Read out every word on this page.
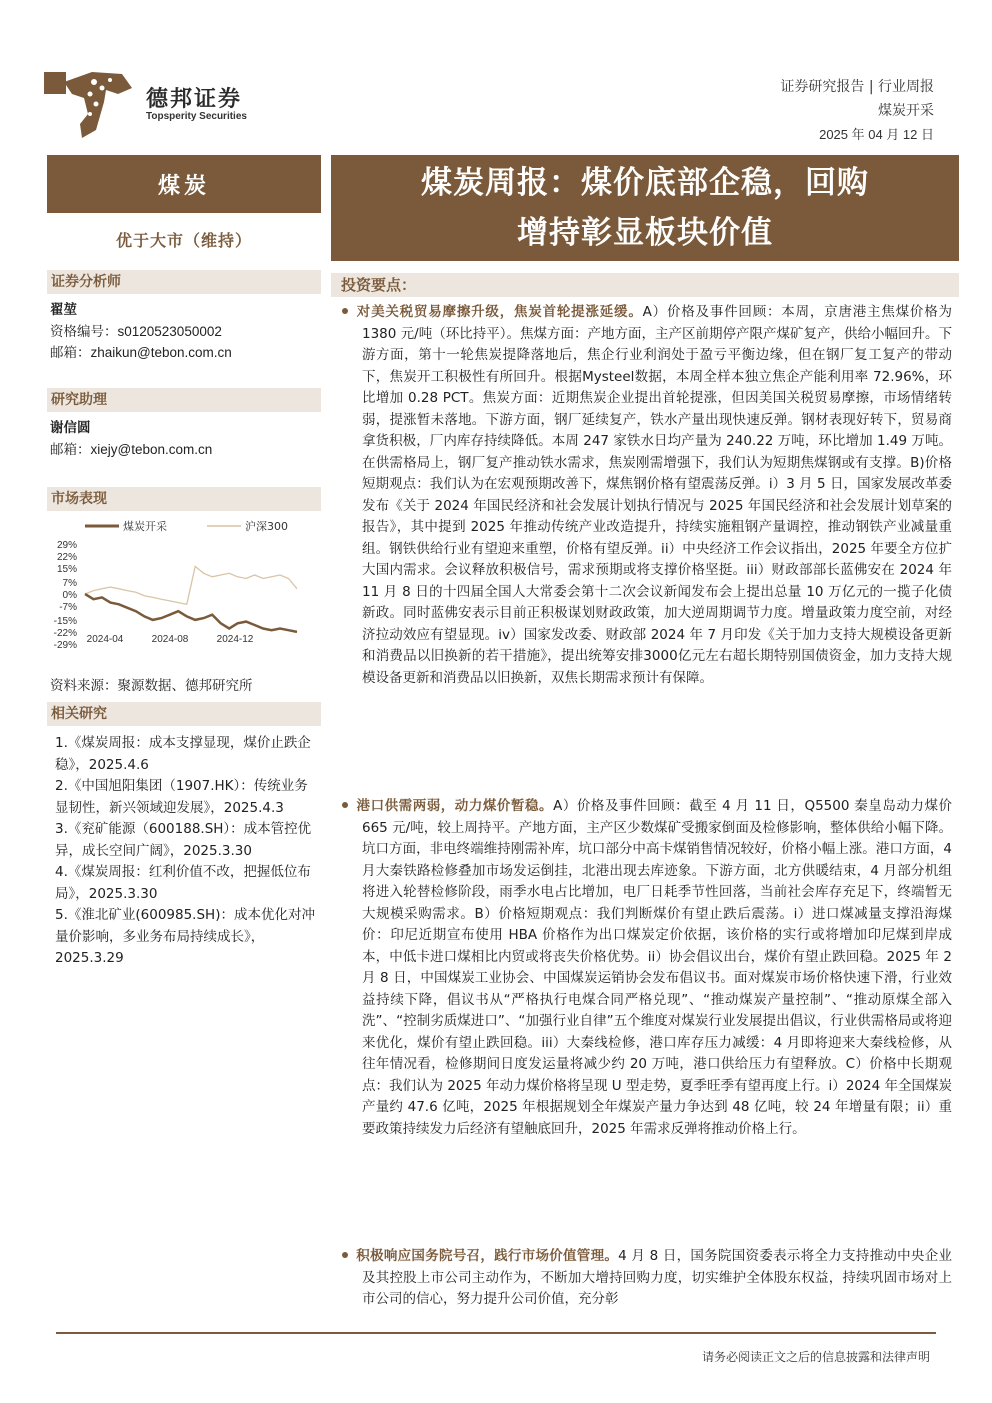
德邦证券
Topsperity Securities
证券研究报告 | 行业周报
煤炭开采
2025 年 04 月 12 日
煤炭	煤炭周报：煤价底部企稳，回购
增持彰显板块价值
优于大市（维持）
证券分析师
翟堃
资格编号：s0120523050002
邮箱：zhaikun@tebon.com.cn
研究助理
谢信圆
邮箱：xiejy@tebon.com.cn
市场表现
煤炭开采	沪深300
29%
22%
15%
7%
0%
-7%
-15%
-22%
-29%
2024-04	2024-08	2024-12
资料来源：聚源数据、德邦研究所
相关研究
1.《煤炭周报：成本支撑显现，煤价止跌企稳》，2025.4.6
2.《中国旭阳集团（1907.HK）：传统业务显韧性，新兴领域迎发展》，2025.4.3
3.《兖矿能源（600188.SH）：成本管控优异，成长空间广阔》，2025.3.30
4.《煤炭周报：红利价值不改，把握低位布局》，2025.3.30
5.《淮北矿业(600985.SH)：成本优化对冲量价影响，多业务布局持续成长》，2025.3.29
投资要点：
对美关税贸易摩擦升级，焦炭首轮提涨延缓。A）价格及事件回顾：本周，京唐港主焦煤价格为 1380 元/吨（环比持平）。焦煤方面：产地方面，主产区前期停产限产煤矿复产，供给小幅回升。下游方面，第十一轮焦炭提降落地后，焦企行业利润处于盈亏平衡边缘，但在钢厂复工复产的带动下，焦炭开工积极性有所回升。根据Mysteel数据，本周全样本独立焦企产能利用率 72.96%，环比增加 0.28 PCT。焦炭方面：近期焦炭企业提出首轮提涨，但因美国关税贸易摩擦，市场情绪转弱，提涨暂未落地。下游方面，钢厂延续复产，铁水产量出现快速反弹。钢材表现好转下，贸易商拿货积极，厂内库存持续降低。本周 247 家铁水日均产量为 240.22 万吨，环比增加 1.49 万吨。在供需格局上，钢厂复产推动铁水需求，焦炭刚需增强下，我们认为短期焦煤钢或有支撑。B)价格短期观点：我们认为在宏观预期改善下，煤焦钢价格有望震荡反弹。i）3 月 5 日，国家发展改革委发布《关于 2024 年国民经济和社会发展计划执行情况与 2025 年国民经济和社会发展计划草案的报告》，其中提到 2025 年推动传统产业改造提升，持续实施粗钢产量调控，推动钢铁产业减量重组。钢铁供给行业有望迎来重塑，价格有望反弹。ii）中央经济工作会议指出，2025 年要全方位扩大国内需求。会议释放积极信号，需求预期或将支撑价格坚挺。iii）财政部部长蓝佛安在 2024 年 11 月 8 日的十四届全国人大常委会第十二次会议新闻发布会上提出总量 10 万亿元的一揽子化债新政。同时蓝佛安表示目前正积极谋划财政政策，加大逆周期调节力度。增量政策力度空前，对经济拉动效应有望显现。iv）国家发改委、财政部 2024 年 7 月印发《关于加力支持大规模设备更新和消费品以旧换新的若干措施》，提出统筹安排3000亿元左右超长期特别国债资金，加力支持大规模设备更新和消费品以旧换新，双焦长期需求预计有保障。
港口供需两弱，动力煤价暂稳。A）价格及事件回顾：截至 4 月 11 日，Q5500 秦皇岛动力煤价 665 元/吨，较上周持平。产地方面，主产区少数煤矿受搬家倒面及检修影响，整体供给小幅下降。坑口方面，非电终端维持刚需补库，坑口部分中高卡煤销售情况较好，价格小幅上涨。港口方面，4 月大秦铁路检修叠加市场发运倒挂，北港出现去库迹象。下游方面，北方供暖结束，4 月部分机组将进入轮替检修阶段，雨季水电占比增加，电厂日耗季节性回落，当前社会库存充足下，终端暂无大规模采购需求。B）价格短期观点：我们判断煤价有望止跌后震荡。i）进口煤减量支撑沿海煤价：印尼近期宣布使用 HBA 价格作为出口煤炭定价依据，该价格的实行或将增加印尼煤到岸成本，中低卡进口煤相比内贸或将丧失价格优势。ii）协会倡议出台，煤价有望止跌回稳。2025 年 2 月 8 日，中国煤炭工业协会、中国煤炭运销协会发布倡议书。面对煤炭市场价格快速下滑，行业效益持续下降，倡议书从“严格执行电煤合同严格兑现”、“推动煤炭产量控制”、“推动原煤全部入洗”、“控制劣质煤进口”、“加强行业自律”五个维度对煤炭行业发展提出倡议，行业供需格局或将迎来优化，煤价有望止跌回稳。iii）大秦线检修，港口库存压力减缓：4 月即将迎来大秦线检修，从往年情况看，检修期间日度发运量将减少约 20 万吨，港口供给压力有望释放。C）价格中长期观点：我们认为 2025 年动力煤价格将呈现 U 型走势，夏季旺季有望再度上行。i）2024 年全国煤炭产量约 47.6 亿吨，2025 年根据规划全年煤炭产量力争达到 48 亿吨，较 24 年增量有限；ii）重要政策持续发力后经济有望触底回升，2025 年需求反弹将推动价格上行。
积极响应国务院号召，践行市场价值管理。4 月 8 日，国务院国资委表示将全力支持推动中央企业及其控股上市公司主动作为，不断加大增持回购力度，切实维护全体股东权益，持续巩固市场对上市公司的信心，努力提升公司价值，充分彰
请务必阅读正文之后的信息披露和法律声明
